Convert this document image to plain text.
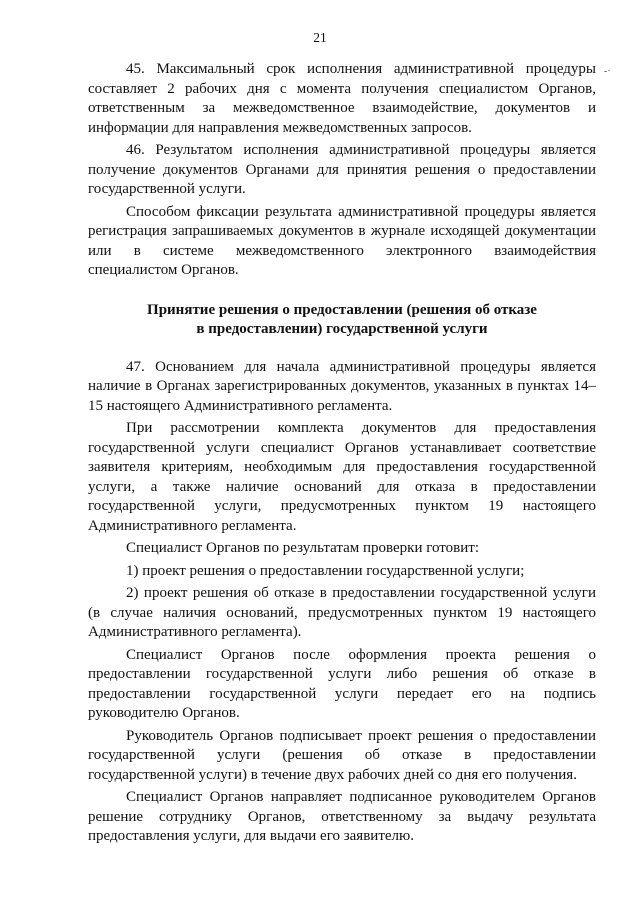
21
‑·

45. Максимальный срок исполнения административной процедуры составляет 2 рабочих дня с момента получения специалистом Органов, ответственным за межведомственное взаимодействие, документов и информации для направления межведомственных запросов.

46. Результатом исполнения административной процедуры является получение документов Органами для принятия решения о предоставлении государственной услуги.

Способом фиксации результата административной процедуры является регистрация запрашиваемых документов в журнале исходящей документации или в системе межведомственного электронного взаимодействия специалистом Органов.

Принятие решения о предоставлении (решения об отказе
в предоставлении) государственной услуги

47. Основанием для начала административной процедуры является наличие в Органах зарегистрированных документов, указанных в пунктах 14–15 настоящего Административного регламента.

При рассмотрении комплекта документов для предоставления государственной услуги специалист Органов устанавливает соответствие заявителя критериям, необходимым для предоставления государственной услуги, а также наличие оснований для отказа в предоставлении государственной услуги, предусмотренных пунктом 19 настоящего Административного регламента.

Специалист Органов по результатам проверки готовит:

1) проект решения о предоставлении государственной услуги;

2) проект решения об отказе в предоставлении государственной услуги (в случае наличия оснований, предусмотренных пунктом 19 настоящего Административного регламента).

Специалист Органов после оформления проекта решения о предоставлении государственной услуги либо решения об отказе в предоставлении государственной услуги передает его на подпись руководителю Органов.

Руководитель Органов подписывает проект решения о предоставлении государственной услуги (решения об отказе в предоставлении государственной услуги) в течение двух рабочих дней со дня его получения.

Специалист Органов направляет подписанное руководителем Органов решение сотруднику Органов, ответственному за выдачу результата предоставления услуги, для выдачи его заявителю.
